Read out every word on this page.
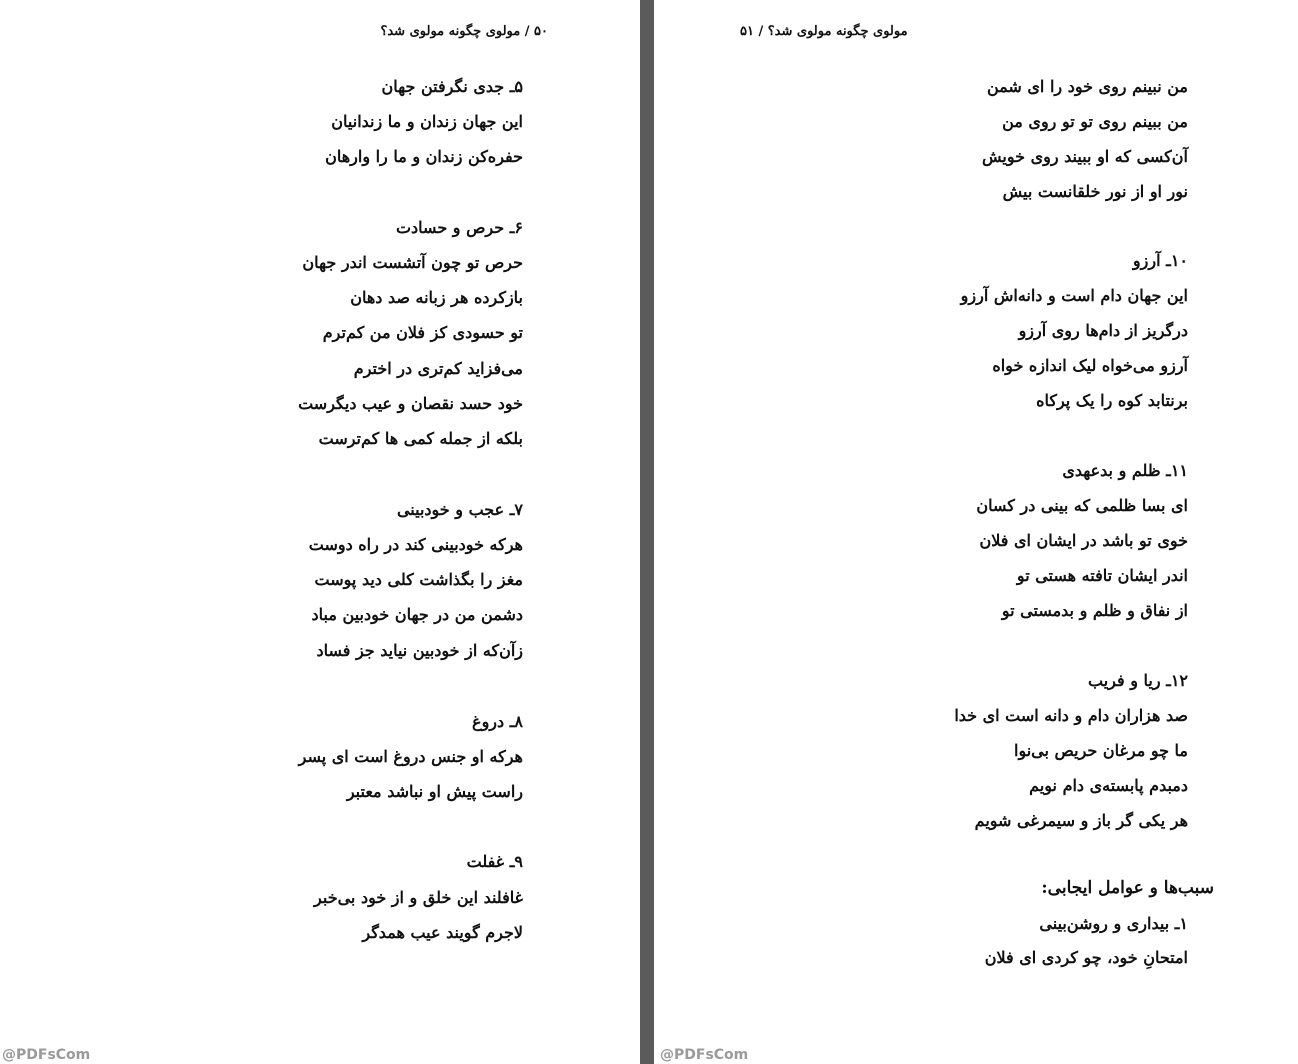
۵۰ / مولوی چگونه مولوی شد؟
۵ـ جدی نگرفتن جهان
این جهان زندان و ما زندانیان
حفره‌کن زندان و ما را وارهان
۶ـ حرص و حسادت
حرص تو چون آتشست اندر جهان
بازکرده هر زبانه صد دهان
تو حسودی کز فلان من کم‌ترم
می‌فزاید کم‌تری در اخترم
خود حسد نقصان و عیب دیگرست
بلکه از جمله کمی ها کم‌ترست
۷ـ عجب و خودبینی
هرکه خودبینی کند در راه دوست
مغز را بگذاشت کلی دید پوست
دشمن من در جهان خودبین مباد
زآن‌که از خودبین نیاید جز فساد
۸ـ دروغ
هرکه او جنس دروغ است ای پسر
راست پیش او نباشد معتبر
۹ـ غفلت
غافلند این خلق و از خود بی‌خبر
لاجرم گویند عیب همدگر
@PDFsCom
مولوی چگونه مولوی شد؟ / ۵۱
من نبینم روی خود را ای شمن
من ببینم روی تو تو روی من
آن‌کسی که او ببیند روی خویش
نور او از نور خلقانست بیش
۱۰ـ آرزو
این جهان دام است و دانه‌اش آرزو
درگریز از دام‌ها روی آرزو
آرزو می‌خواه لیک اندازه خواه
برنتابد کوه را یک پرکاه
۱۱ـ ظلم و بدعهدی
ای بسا ظلمی که بینی در کسان
خوی تو باشد در ایشان ای فلان
اندر ایشان تافته هستی تو
از نفاق و ظلم و بدمستی تو
۱۲ـ ریا و فریب
صد هزاران دام و دانه است ای خدا
ما چو مرغان حریص بی‌نوا
دمبدم پابسته‌ی دام نویم
هر یکی گر باز و سیمرغی شویم
سبب‌ها و عوامل ایجابی:
۱ـ بیداری و روشن‌بینی
امتحانِ خود، چو کردی ای فلان
@PDFsCom
